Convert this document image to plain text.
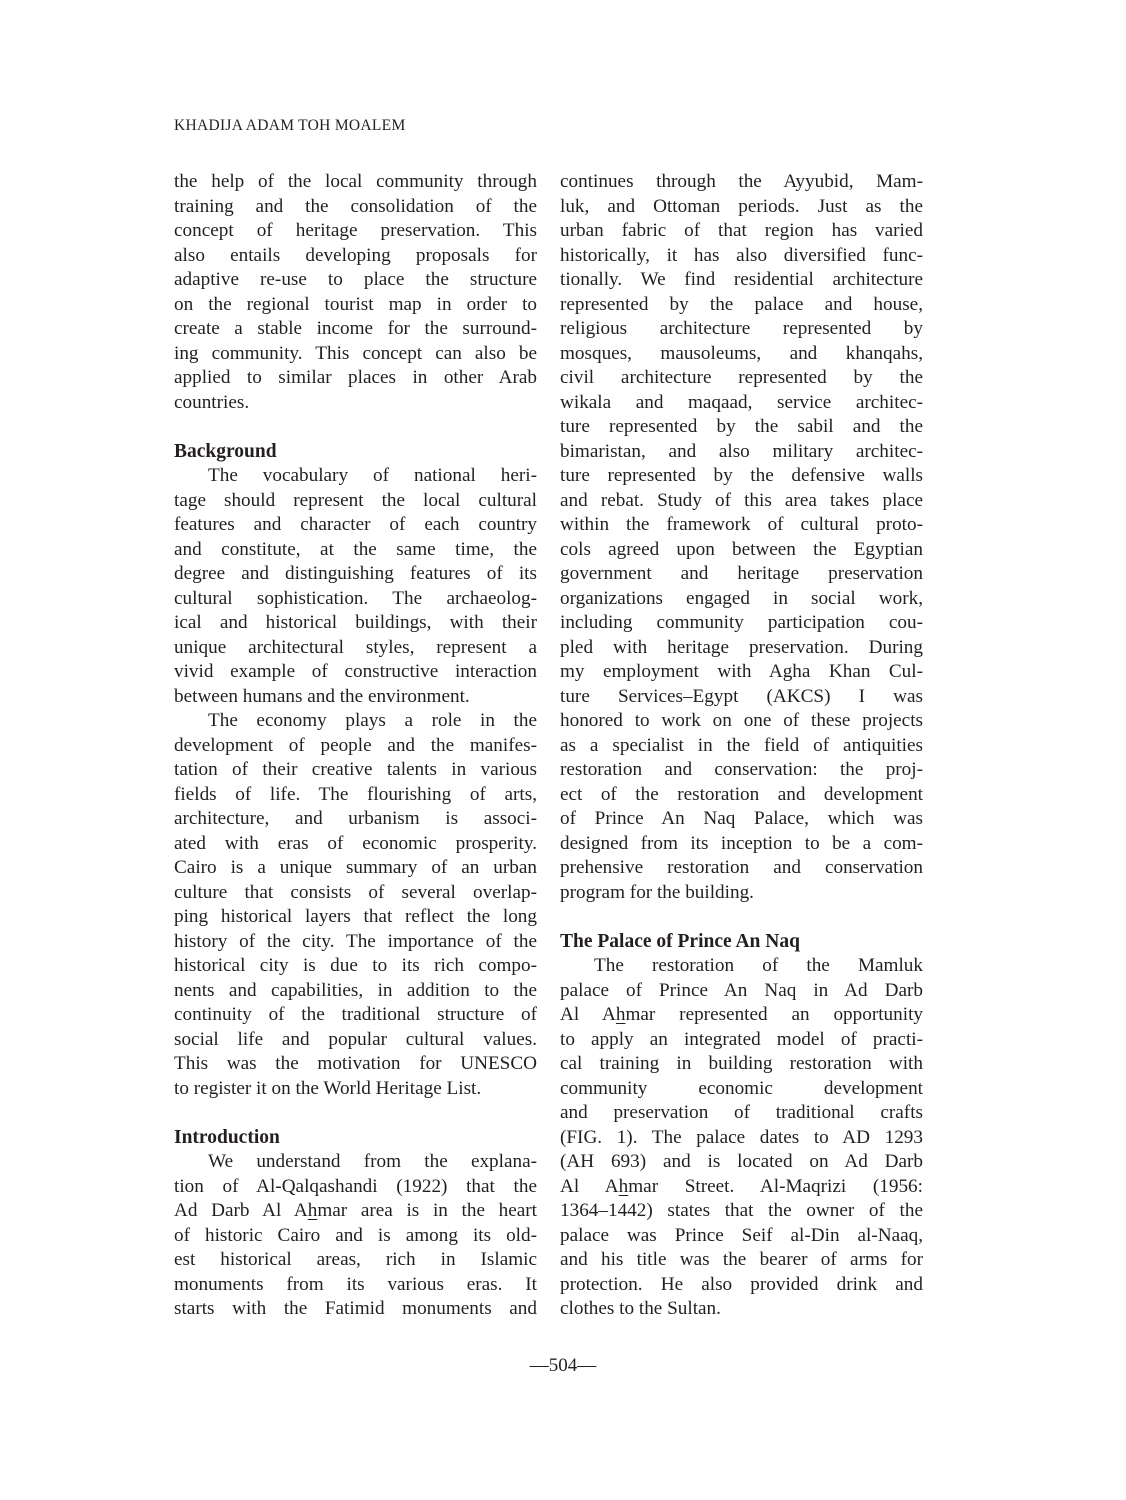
KHADIJA ADAM TOH MOALEM
the help of the local community through
training and the consolidation of the
concept of heritage preservation. This
also entails developing proposals for
adaptive re-use to place the structure
on the regional tourist map in order to
create a stable income for the surround-
ing community. This concept can also be
applied to similar places in other Arab
countries.
Background
The vocabulary of national heri-
tage should represent the local cultural
features and character of each country
and constitute, at the same time, the
degree and distinguishing features of its
cultural sophistication. The archaeolog-
ical and historical buildings, with their
unique architectural styles, represent a
vivid example of constructive interaction
between humans and the environment.
The economy plays a role in the
development of people and the manifes-
tation of their creative talents in various
fields of life. The flourishing of arts,
architecture, and urbanism is associ-
ated with eras of economic prosperity.
Cairo is a unique summary of an urban
culture that consists of several overlap-
ping historical layers that reflect the long
history of the city. The importance of the
historical city is due to its rich compo-
nents and capabilities, in addition to the
continuity of the traditional structure of
social life and popular cultural values.
This was the motivation for UNESCO
to register it on the World Heritage List.
Introduction
We understand from the explana-
tion of Al-Qalqashandi (1922) that the
Ad Darb Al Ahmar area is in the heart
of historic Cairo and is among its old-
est historical areas, rich in Islamic
monuments from its various eras. It
starts with the Fatimid monuments and
continues through the Ayyubid, Mam-
luk, and Ottoman periods. Just as the
urban fabric of that region has varied
historically, it has also diversified func-
tionally. We find residential architecture
represented by the palace and house,
religious architecture represented by
mosques, mausoleums, and khanqahs,
civil architecture represented by the
wikala and maqaad, service architec-
ture represented by the sabil and the
bimaristan, and also military architec-
ture represented by the defensive walls
and rebat. Study of this area takes place
within the framework of cultural proto-
cols agreed upon between the Egyptian
government and heritage preservation
organizations engaged in social work,
including community participation cou-
pled with heritage preservation. During
my employment with Agha Khan Cul-
ture Services–Egypt (AKCS) I was
honored to work on one of these projects
as a specialist in the field of antiquities
restoration and conservation: the proj-
ect of the restoration and development
of Prince An Naq Palace, which was
designed from its inception to be a com-
prehensive restoration and conservation
program for the building.
The Palace of Prince An Naq
The restoration of the Mamluk
palace of Prince An Naq in Ad Darb
Al Ahmar represented an opportunity
to apply an integrated model of practi-
cal training in building restoration with
community economic development
and preservation of traditional crafts
(FIG. 1). The palace dates to AD 1293
(AH 693) and is located on Ad Darb
Al Ahmar Street. Al-Maqrizi (1956:
1364–1442) states that the owner of the
palace was Prince Seif al-Din al-Naaq,
and his title was the bearer of arms for
protection. He also provided drink and
clothes to the Sultan.
—504—
